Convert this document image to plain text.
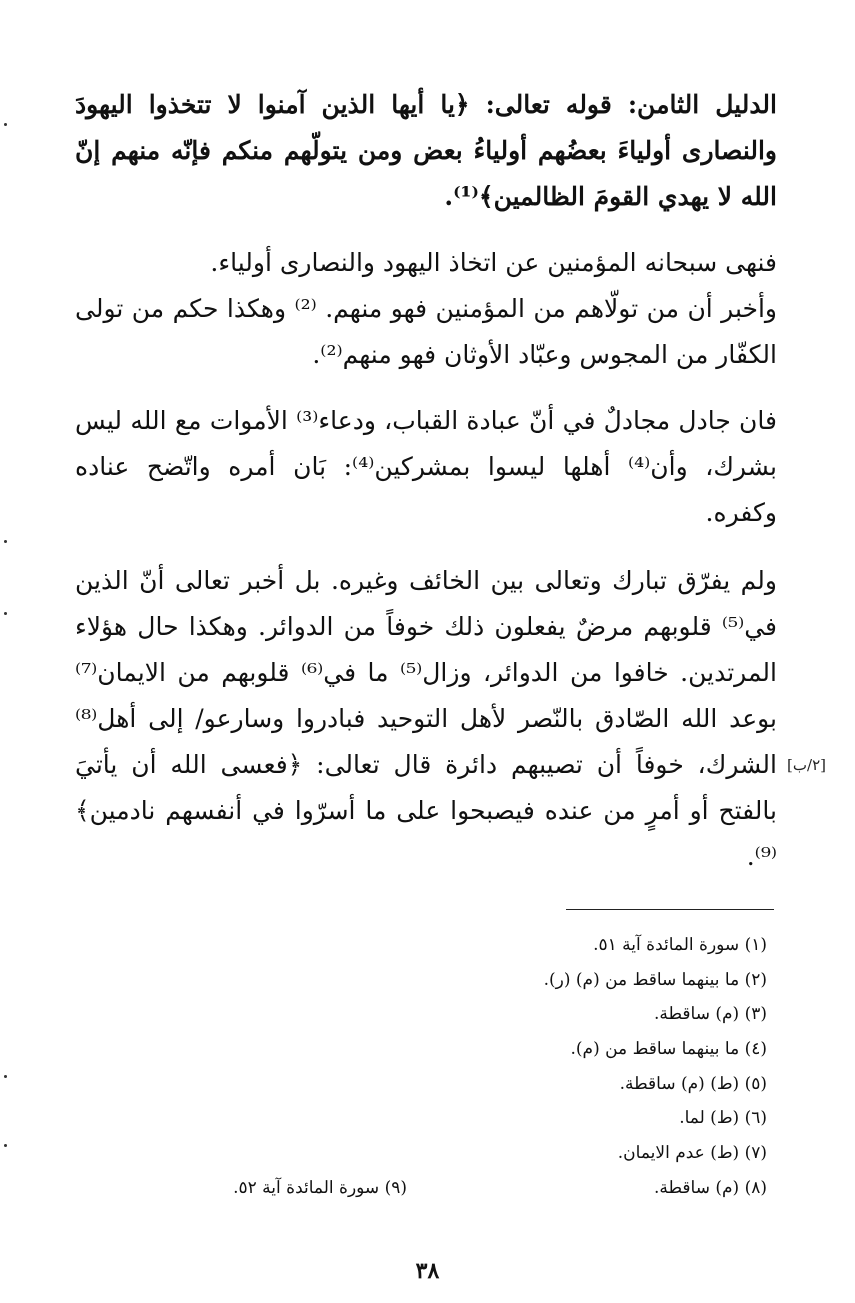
الدليل الثامن: قوله تعالى: ﴿يا أيها الذين آمنوا لا تتخذوا اليهودَ والنصارى أولياءَ بعضُهم أولياءُ بعض ومن يتولّهم منكم فإنّه منهم إنّ الله لا يهدي القومَ الظالمين﴾⁽¹⁾.

فنهى سبحانه المؤمنين عن اتخاذ اليهود والنصارى أولياء.

وأخبر أن من تولّاهم من المؤمنين فهو منهم. ⁽²⁾ وهكذا حكم من تولى الكفّار من المجوس وعبّاد الأوثان فهو منهم⁽²⁾.

فان جادل مجادلٌ في أنّ عبادة القباب، ودعاء⁽³⁾ الأموات مع الله ليس بشرك، وأن⁽⁴⁾ أهلها ليسوا بمشركين⁽⁴⁾: بَان أمره واتّضح عناده وكفره.

ولم يفرّق تبارك وتعالى بين الخائف وغيره. بل أخبر تعالى أنّ الذين في⁽⁵⁾ قلوبهم مرضٌ يفعلون ذلك خوفاً من الدوائر. وهكذا حال هؤلاء المرتدين. خافوا من الدوائر، وزال⁽⁵⁾ ما في⁽⁶⁾ قلوبهم من الايمان⁽⁷⁾ بوعد الله الصّادق بالنّصر لأهل التوحيد فبادروا وسارعو/ إلى أهل⁽⁸⁾ الشرك، خوفاً أن تصيبهم دائرة قال تعالى: ﴿فعسى الله أن يأتيَ بالفتح أو أمرٍ من عنده فيصبحوا على ما أسرّوا في أنفسهم نادمين﴾⁽⁹⁾.

[٢/ب]
(١) سورة المائدة آية ٥١.
(٢) ما بينهما ساقط من (م) (ر).
(٣) (م) ساقطة.
(٤) ما بينهما ساقط من (م).
(٥) (ط) (م) ساقطة.
(٦) (ط) لما.
(٧) (ط) عدم الايمان.
(٨) (م) ساقطة.
(٩) سورة المائدة آية ٥٢.
٣٨
